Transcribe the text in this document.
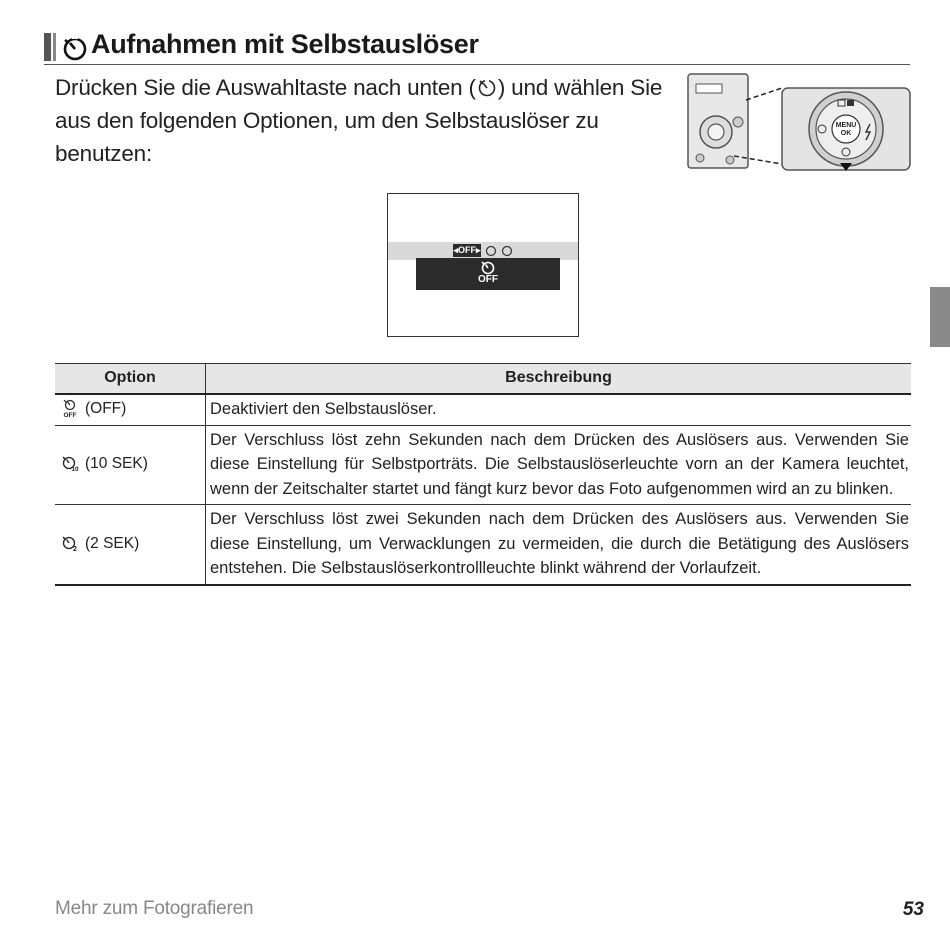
Aufnahmen mit Selbstauslöser
Drücken Sie die Auswahltaste nach unten ( ) und wählen Sie aus den folgenden Optionen, um den Selbstauslöser zu benutzen:
MENU
OK
◂OFF▸
OFF
Option	Beschreibung

OFF (OFF)	Deaktiviert den Selbstauslöser.

10 (10 SEK)	Der Verschluss löst zehn Sekunden nach dem Drücken des Auslösers aus. Verwenden Sie diese Einstellung für Selbstporträts. Die Selbstauslöserleuchte vorn an der Kamera leuchtet, wenn der Zeitschalter startet und fängt kurz bevor das Foto aufgenommen wird an zu blinken.

2 (2 SEK)	Der Verschluss löst zwei Sekunden nach dem Drücken des Auslösers aus. Verwenden Sie diese Einstellung, um Verwacklungen zu vermeiden, die durch die Betätigung des Auslösers entstehen. Die Selbstauslöserkontrollleuchte blinkt während der Vorlaufzeit.
Mehr zum Fotografieren	53
